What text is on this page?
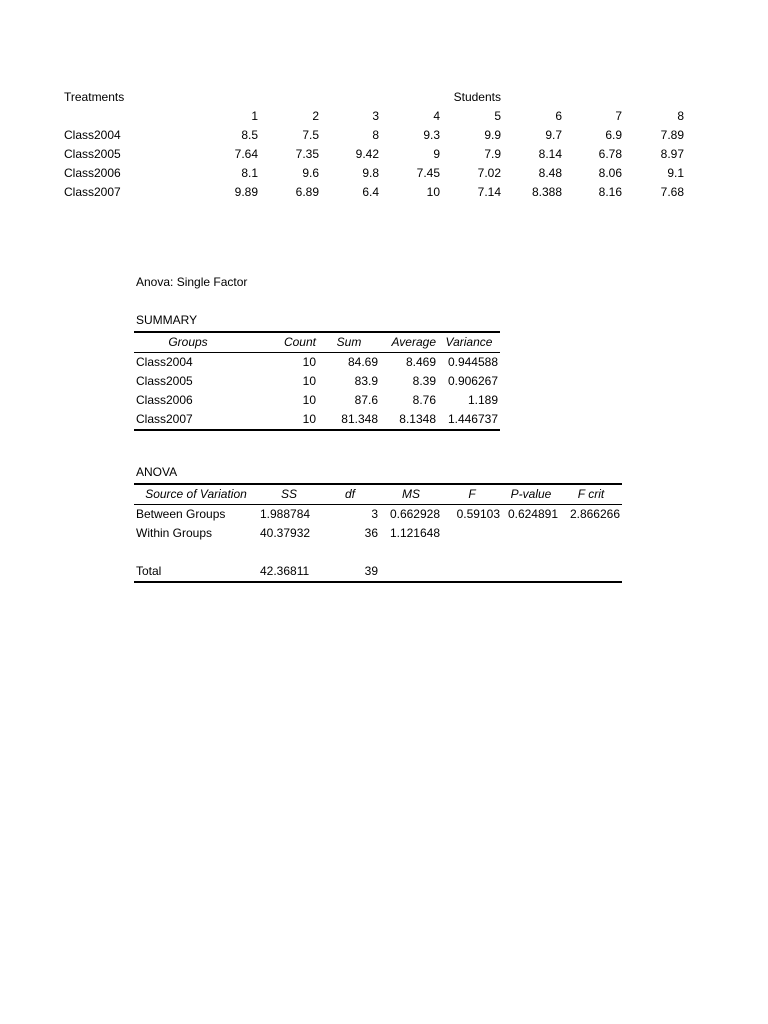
Treatments					Students			
	1	2	3	4	5	6	7	8
Class2004	8.5	7.5	8	9.3	9.9	9.7	6.9	7.89
Class2005	7.64	7.35	9.42	9	7.9	8.14	6.78	8.97
Class2006	8.1	9.6	9.8	7.45	7.02	8.48	8.06	9.1
Class2007	9.89	6.89	6.4	10	7.14	8.388	8.16	7.68
Anova: Single Factor
SUMMARY
Groups	Count	Sum	Average	Variance
Class2004	10	84.69	8.469	0.944588
Class2005	10	83.9	8.39	0.906267
Class2006	10	87.6	8.76	1.189
Class2007	10	81.348	8.1348	1.446737
ANOVA
Source of Variation	SS	df	MS	F	P-value	F crit
Between Groups	1.988784	3	0.662928	0.59103	0.624891	2.866266
Within Groups	40.37932	36	1.121648			

Total	42.36811	39				
